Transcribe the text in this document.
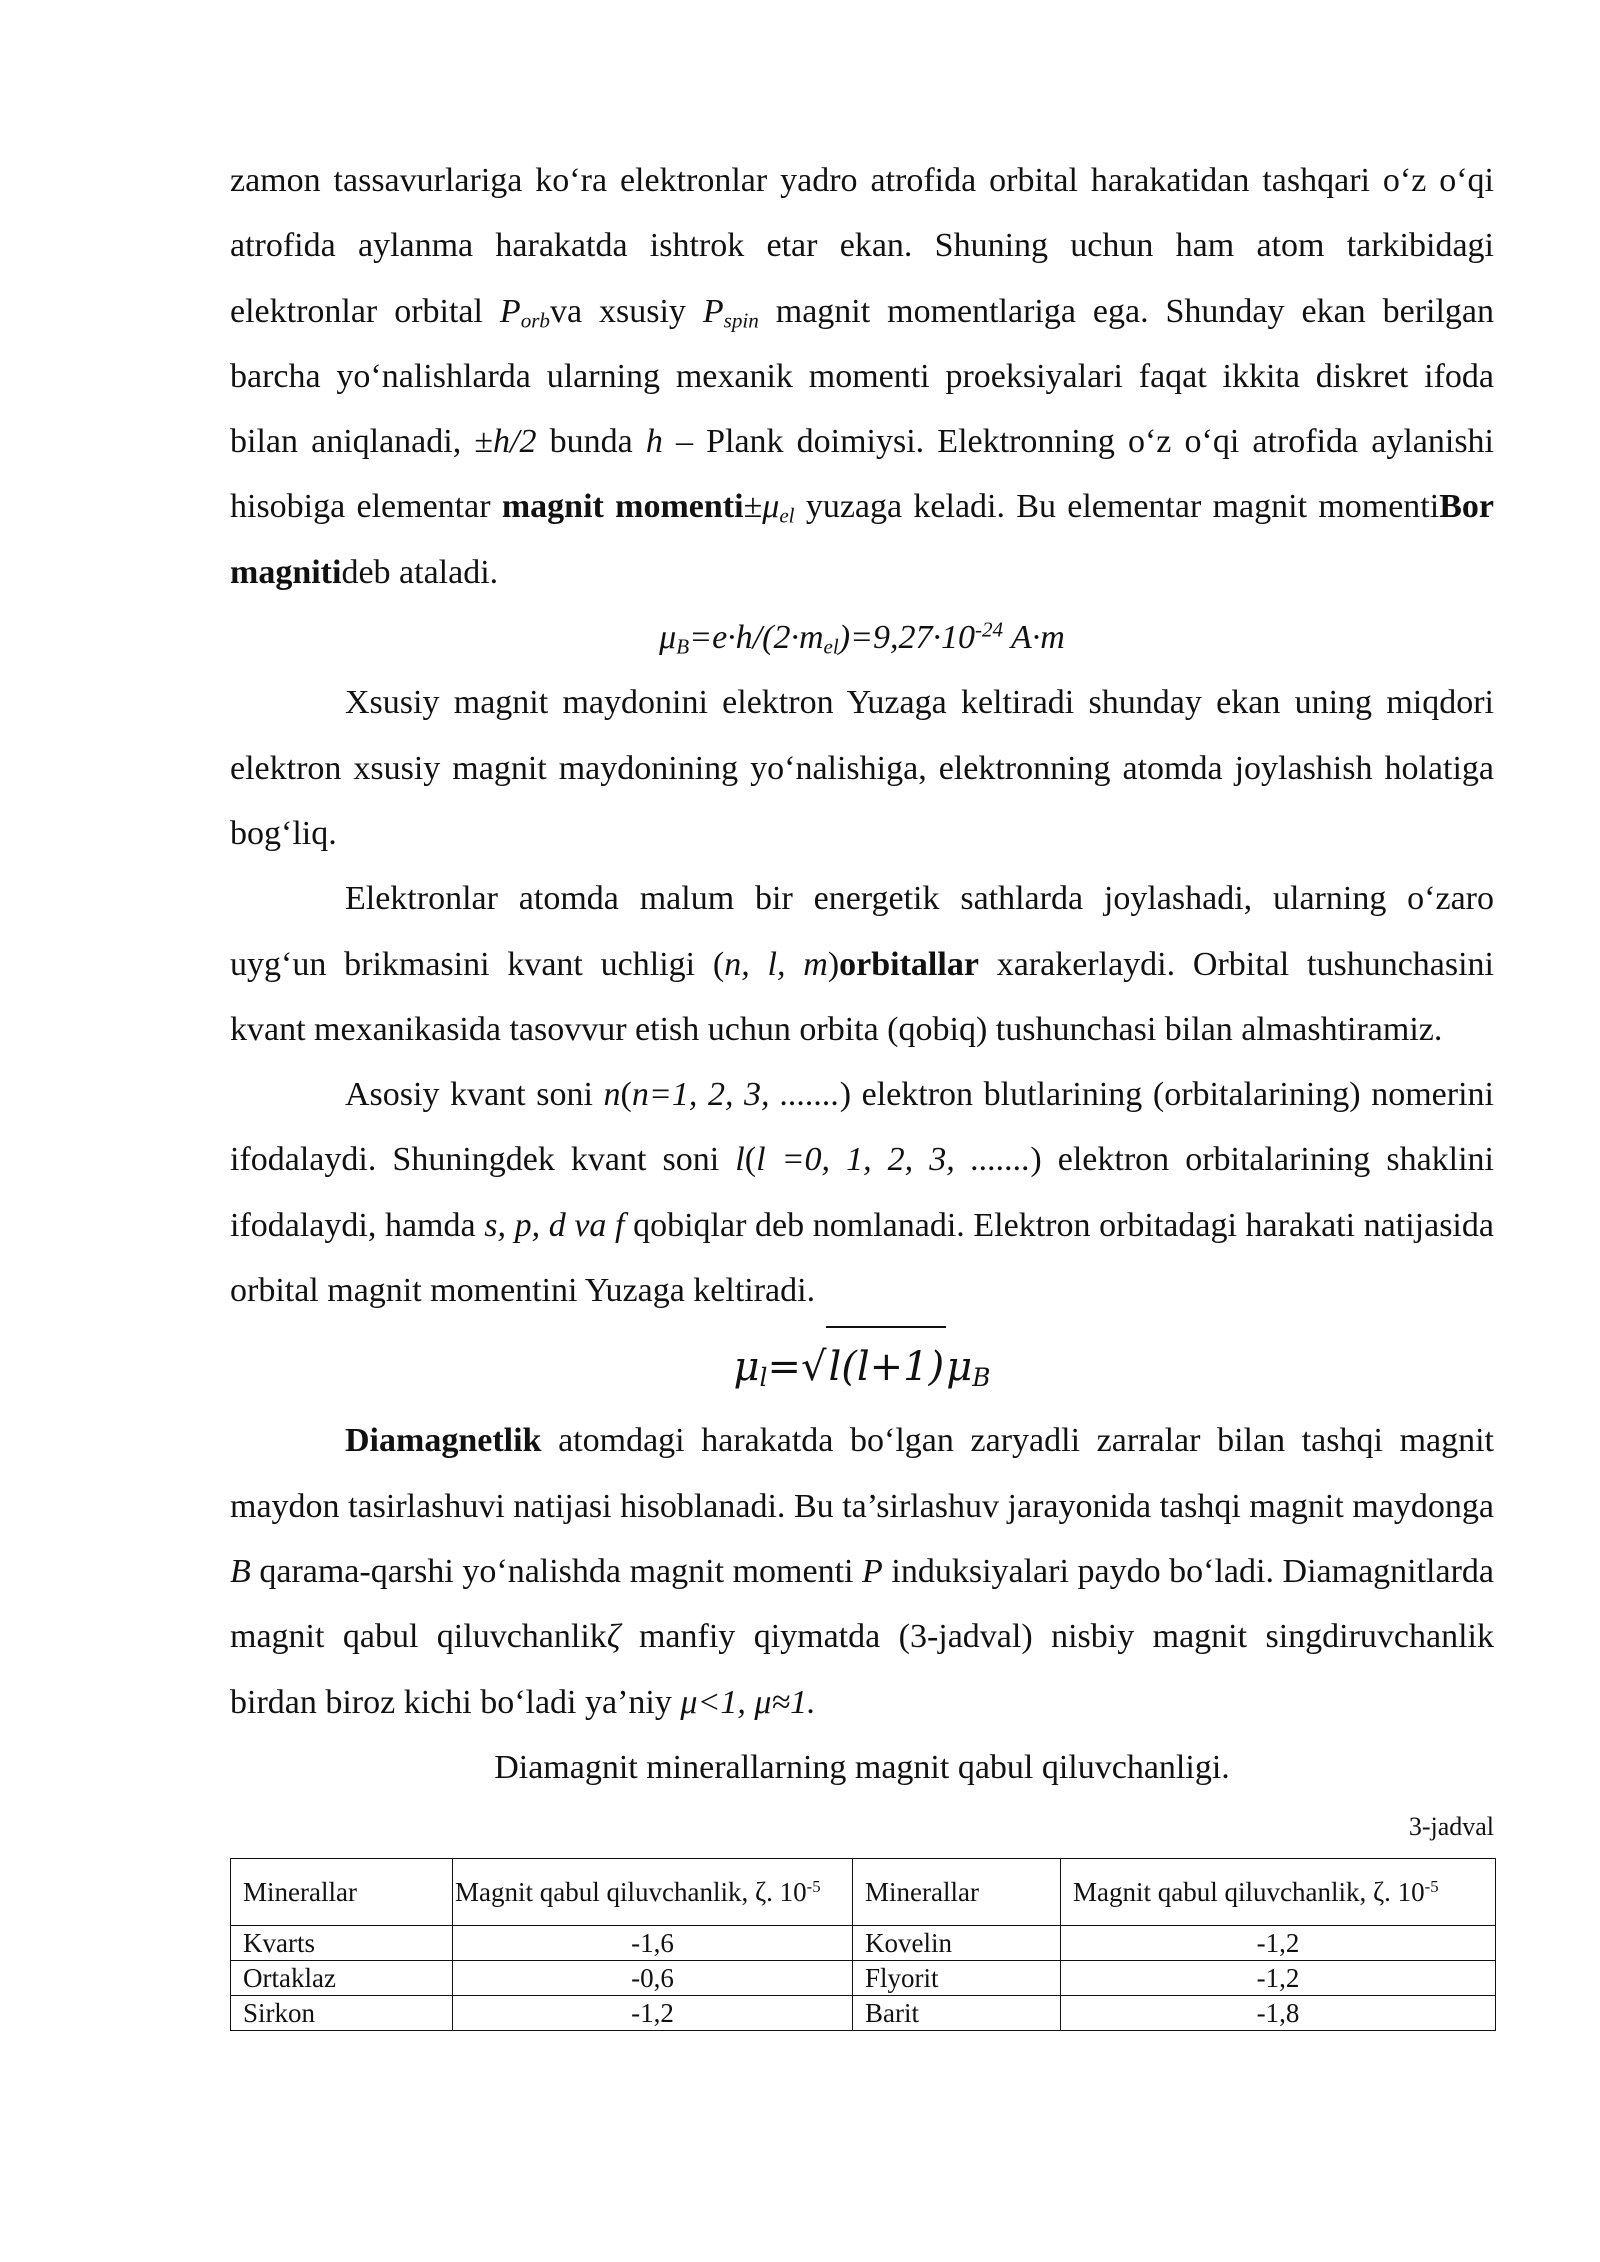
zamon tassavurlariga ko‘ra elektronlar yadro atrofida orbital harakatidan tashqari o‘z o‘qi atrofida aylanma harakatda ishtrok etar ekan. Shuning uchun ham atom tarkibidagi elektronlar orbital $P_{orb}va$ xsusiy $P_{spin}$ magnit momentlariga ega. Shunday ekan berilgan barcha yo‘nalishlarda ularning mexanik momenti proeksiyalari faqat ikkita diskret ifoda bilan aniqlanadi, ±h/2 bunda h – Plank doimiysi. Elektronning o‘z o‘qi atrofida aylanishi hisobiga elementar magnit $momenti\pm\mu_{el}$ yuzaga keladi. Bu elementar magnit momentiBor magnitideb ataladi.

$\mu_B=e\cdot h/(2\cdot m_{el})=9,27\cdot 10^{-24}$ A·m

Xsusiy magnit maydonini elektron Yuzaga keltiradi shunday ekan uning miqdori elektron xsusiy magnit maydonining yo‘nalishiga, elektronning atomda joylashish holatiga bog‘liq.

Elektronlar atomda malum bir energetik sathlarda joylashadi, ularning o‘zaro uyg‘un brikmasini kvant uchligi (n, l, m)orbitallar xarakerlaydi. Orbital tushunchasini kvant mexanikasida tasovvur etish uchun orbita (qobiq) tushunchasi bilan almashtiramiz.

Asosiy kvant soni n(n=1, 2, 3, .......) elektron blutlarining (orbitalarining) nomerini ifodalaydi. Shuningdek kvant soni l(l =0, 1, 2, 3, .......) elektron orbitalarining shaklini ifodalaydi, hamda s, p, d va f qobiqlar deb nomlanadi. Elektron orbitadagi harakati natijasida orbital magnit momentini Yuzaga keltiradi.

$\mu_l=√l(l+1)\mu_B$

Diamagnetlik atomdagi harakatda bo‘lgan zaryadli zarralar bilan tashqi magnit maydon tasirlashuvi natijasi hisoblanadi. Bu ta’sirlashuv jarayonida tashqi magnit maydonga B qarama-qarshi yo‘nalishda magnit momenti P induksiyalari paydo bo‘ladi. Diamagnitlarda magnit qabul qiluvchanlikζ manfiy qiymatda (3-jadval) nisbiy magnit singdiruvchanlik birdan biroz kichi bo‘ladi ya’niy μ<1, μ≈1.

Diamagnit minerallarning magnit qabul qiluvchanligi.

3-jadval
Minerallar	Magnit qabul qiluvchanlik, ζ. $10^{-5}$	Minerallar	Magnit qabul qiluvchanlik, ζ. $10^{-5}$
Kvarts	-1,6	Kovelin	-1,2
Ortaklaz	-0,6	Flyorit	-1,2
Sirkon	-1,2	Barit	-1,8
